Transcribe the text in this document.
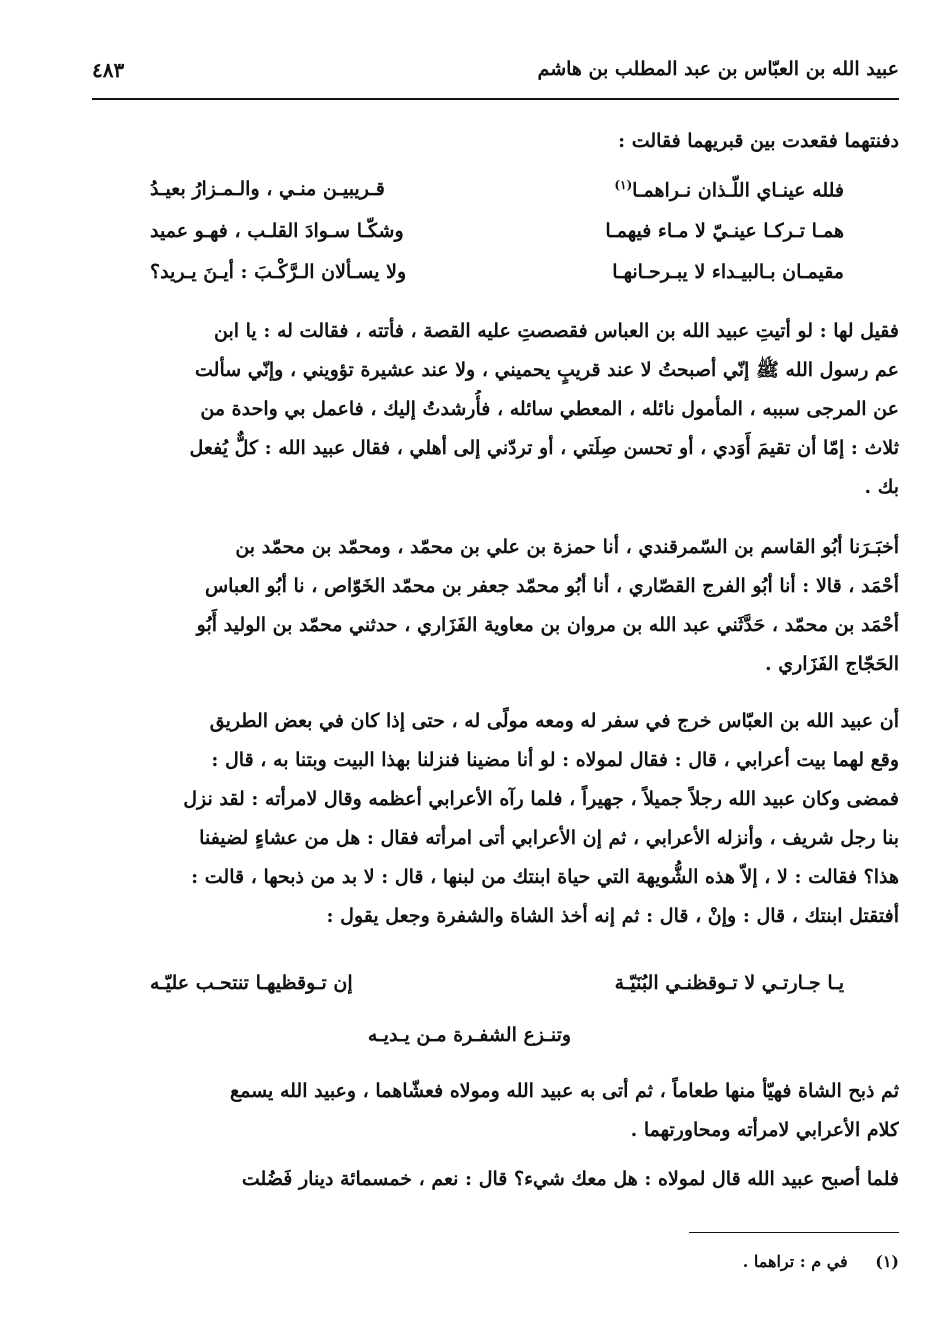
عبيد الله بن العبّاس بن عبد المطلب بن هاشم
٤٨٣
دفنتهما فقعدت بين قبريهما فقالت :
فلله عينـاي اللّـذان نـراهمـا$^{(١)}$
قـريبيـن منـي ، والـمـزارُ بعيـدُ
همـا تـركـا عينـيّ لا مـاء فيهمـا
وشكّـا سـوادَ القلـب ، فهـو عميد
مقيمـان بـالبيـداء لا يبـرحـانهـا
ولا يسـألان الـرَّكْـبَ : أيـنَ يـريد؟
فقيل لها : لو أتيتِ عبيد الله بن العباس فقصصتِ عليه القصة ، فأتته ، فقالت له : يا ابن
عم رسول الله ﷺ إنّي أصبحتُ لا عند قريبٍ يحميني ، ولا عند عشيرة تؤويني ، وإنّي سألت
عن المرجى سببه ، المأمول نائله ، المعطي سائله ، فأُرشدتُ إليك ، فاعمل بي واحدة من
ثلاث : إمّا أن تقيمَ أَوَدي ، أو تحسن صِلَتي ، أو تردّني إلى أهلي ، فقال عبيد الله : كلٌّ يُفعل
بك .
أخبَـرَنا أبُو القاسم بن السّمرقندي ، أنا حمزة بن علي بن محمّد ، ومحمّد بن محمّد بن
أحْمَد ، قالا : أنا أبُو الفرج القصّاري ، أنا أبُو محمّد جعفر بن محمّد الخَوّاص ، نا أبُو العباس
أحْمَد بن محمّد ، حَدَّثَني عبد الله بن مروان بن معاوية الفَزَاري ، حدثني محمّد بن الوليد أَبُو
الحَجّاج الفَزَاري .
أن عبيد الله بن العبّاس خرج في سفر له ومعه مولًى له ، حتى إذا كان في بعض الطريق
وقع لهما بيت أعرابي ، قال : فقال لمولاه : لو أنا مضينا فنزلنا بهذا البيت وبتنا به ، قال :
فمضى وكان عبيد الله رجلاً جميلاً ، جهيراً ، فلما رآه الأعرابي أعظمه وقال لامرأته : لقد نزل
بنا رجل شريف ، وأنزله الأعرابي ، ثم إن الأعرابي أتى امرأته فقال : هل من عشاءٍ لضيفنا
هذا؟ فقالت : لا ، إلاّ هذه الشُّويهة التي حياة ابنتك من لبنها ، قال : لا بد من ذبحها ، قالت :
أفتقتل ابنتك ، قال : وإنْ ، قال : ثم إنه أخذ الشاة والشفرة وجعل يقول :
يـا جـارتـي لا تـوقظنـي البُنَيّـة
إن تـوقظيهـا تنتحـب عليّـه
وتنـزع الشفـرة مـن يـديـه
ثم ذبح الشاة فهيّأ منها طعاماً ، ثم أتى به عبيد الله ومولاه فعشّاهما ، وعبيد الله يسمع
كلام الأعرابي لامرأته ومحاورتهما .
فلما أصبح عبيد الله قال لمولاه : هل معك شيء؟ قال : نعم ، خمسمائة دينار فَضُلت
(١) في م : تراهما .
